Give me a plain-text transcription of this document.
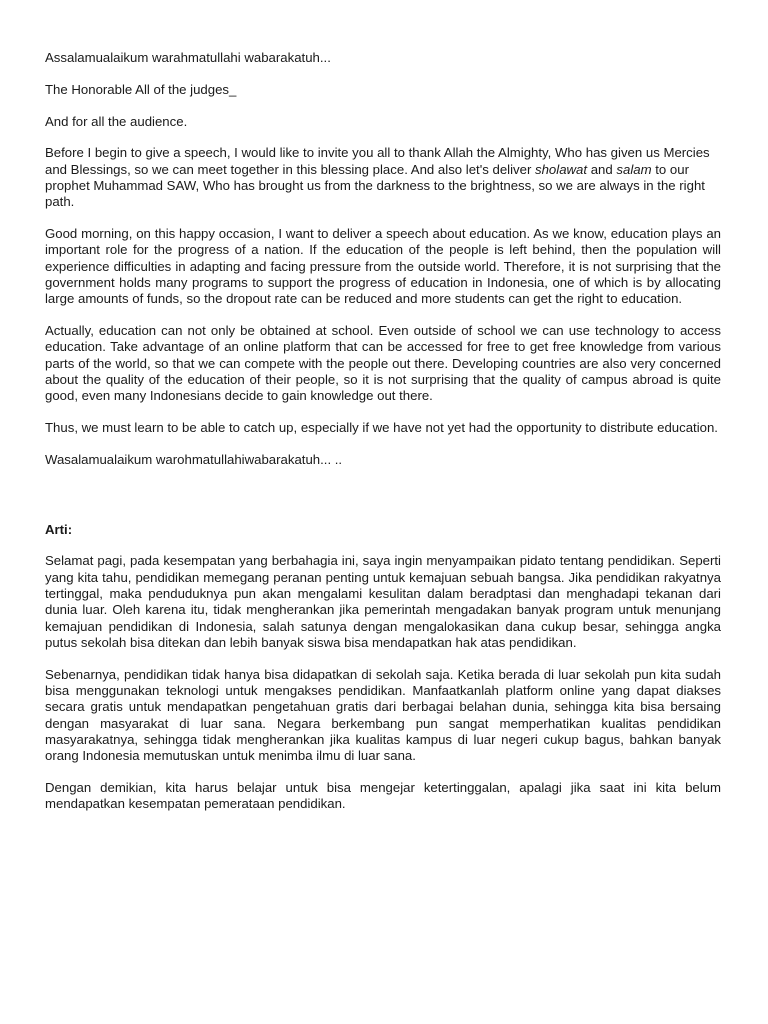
Assalamualaikum warahmatullahi wabarakatuh...

The Honorable All of the judges_

And for all the audience.

Before I begin to give a speech, I would like to invite you all to thank Allah the Almighty, Who has given us Mercies and Blessings, so we can meet together in this blessing place. And also let's deliver sholawat and salam to our prophet Muhammad SAW, Who has brought us from the darkness to the brightness, so we are always in the right path.

Good morning, on this happy occasion, I want to deliver a speech about education. As we know, education plays an important role for the progress of a nation. If the education of the people is left behind, then the population will experience difficulties in adapting and facing pressure from the outside world. Therefore, it is not surprising that the government holds many programs to support the progress of education in Indonesia, one of which is by allocating large amounts of funds, so the dropout rate can be reduced and more students can get the right to education.

Actually, education can not only be obtained at school. Even outside of school we can use technology to access education. Take advantage of an online platform that can be accessed for free to get free knowledge from various parts of the world, so that we can compete with the people out there. Developing countries are also very concerned about the quality of the education of their people, so it is not surprising that the quality of campus abroad is quite good, even many Indonesians decide to gain knowledge out there.

Thus, we must learn to be able to catch up, especially if we have not yet had the opportunity to distribute education.

Wasalamualaikum warohmatullahiwabarakatuh... ..

Arti:

Selamat pagi, pada kesempatan yang berbahagia ini, saya ingin menyampaikan pidato tentang pendidikan. Seperti yang kita tahu, pendidikan memegang peranan penting untuk kemajuan sebuah bangsa. Jika pendidikan rakyatnya tertinggal, maka penduduknya pun akan mengalami kesulitan dalam beradptasi dan menghadapi tekanan dari dunia luar. Oleh karena itu, tidak mengherankan jika pemerintah mengadakan banyak program untuk menunjang kemajuan pendidikan di Indonesia, salah satunya dengan mengalokasikan dana cukup besar, sehingga angka putus sekolah bisa ditekan dan lebih banyak siswa bisa mendapatkan hak atas pendidikan.

Sebenarnya, pendidikan tidak hanya bisa didapatkan di sekolah saja. Ketika berada di luar sekolah pun kita sudah bisa menggunakan teknologi untuk mengakses pendidikan. Manfaatkanlah platform online yang dapat diakses secara gratis untuk mendapatkan pengetahuan gratis dari berbagai belahan dunia, sehingga kita bisa bersaing dengan masyarakat di luar sana. Negara berkembang pun sangat memperhatikan kualitas pendidikan masyarakatnya, sehingga tidak mengherankan jika kualitas kampus di luar negeri cukup bagus, bahkan banyak orang Indonesia memutuskan untuk menimba ilmu di luar sana.

Dengan demikian, kita harus belajar untuk bisa mengejar ketertinggalan, apalagi jika saat ini kita belum mendapatkan kesempatan pemerataan pendidikan.
